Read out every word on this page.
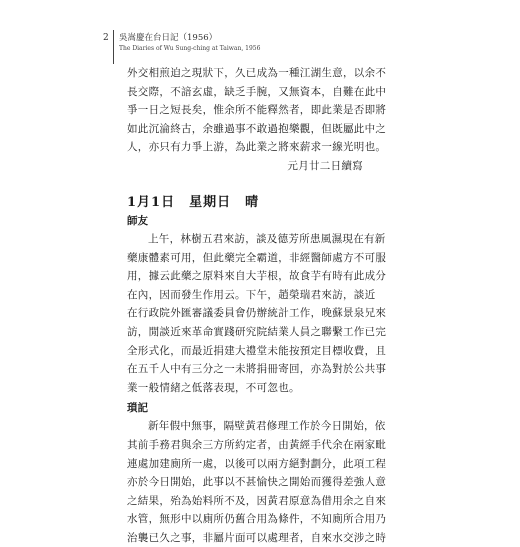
2 吳嵩慶在台日記（1956）
The Diaries of Wu Sung-ching at Taiwan, 1956
外交相煎迫之現狀下，久已成為一種江湖生意，以余不
長交際，不諳玄虛，缺乏手腕，又無資本，自難在此中
爭一日之短長矣，惟余所不能釋然者，即此業是否即將
如此沉淪終古，余雖過事不敢過抱樂觀，但既屬此中之
人，亦只有力爭上游，為此業之將來薪求一線光明也。
元月廿二日續寫
1月1日　星期日　晴
師友
上午，林樹五君來訪，談及德芳所患風濕現在有新
藥康體素可用，但此藥完全霸道，非經醫師處方不可服
用，據云此藥之原料來自大芋根，故食芋有時有此成分
在內，因而發生作用云。下午，趙榮瑞君來訪，談近
在行政院外匯審議委員會仍辦統計工作，晚蘇景泉兄來
訪，閒談近來革命實踐研究院結業人員之聯繫工作已完
全形式化，而最近捐建大禮堂未能按預定目標收費，且
在五千人中有三分之一未將捐冊寄回，亦為對於公共事
業一般情緒之低落表現，不可忽也。
瑣記
新年假中無事，隔壁黃君修理工作於今日開始，依
其前手務君與余三方所約定者，由黃經手代余在兩家毗
連處加建廁所一處，以後可以兩方絕對劃分，此項工程
亦於今日開始，此事以不甚愉快之開始而獲得差強人意
之結果，殆為始料所不及，因黃君原意為借用余之自來
水管，無形中以廁所仍舊合用為條件，不知廁所合用乃
治襲已久之事，非屬片面可以處理者，自來水交涉之時
